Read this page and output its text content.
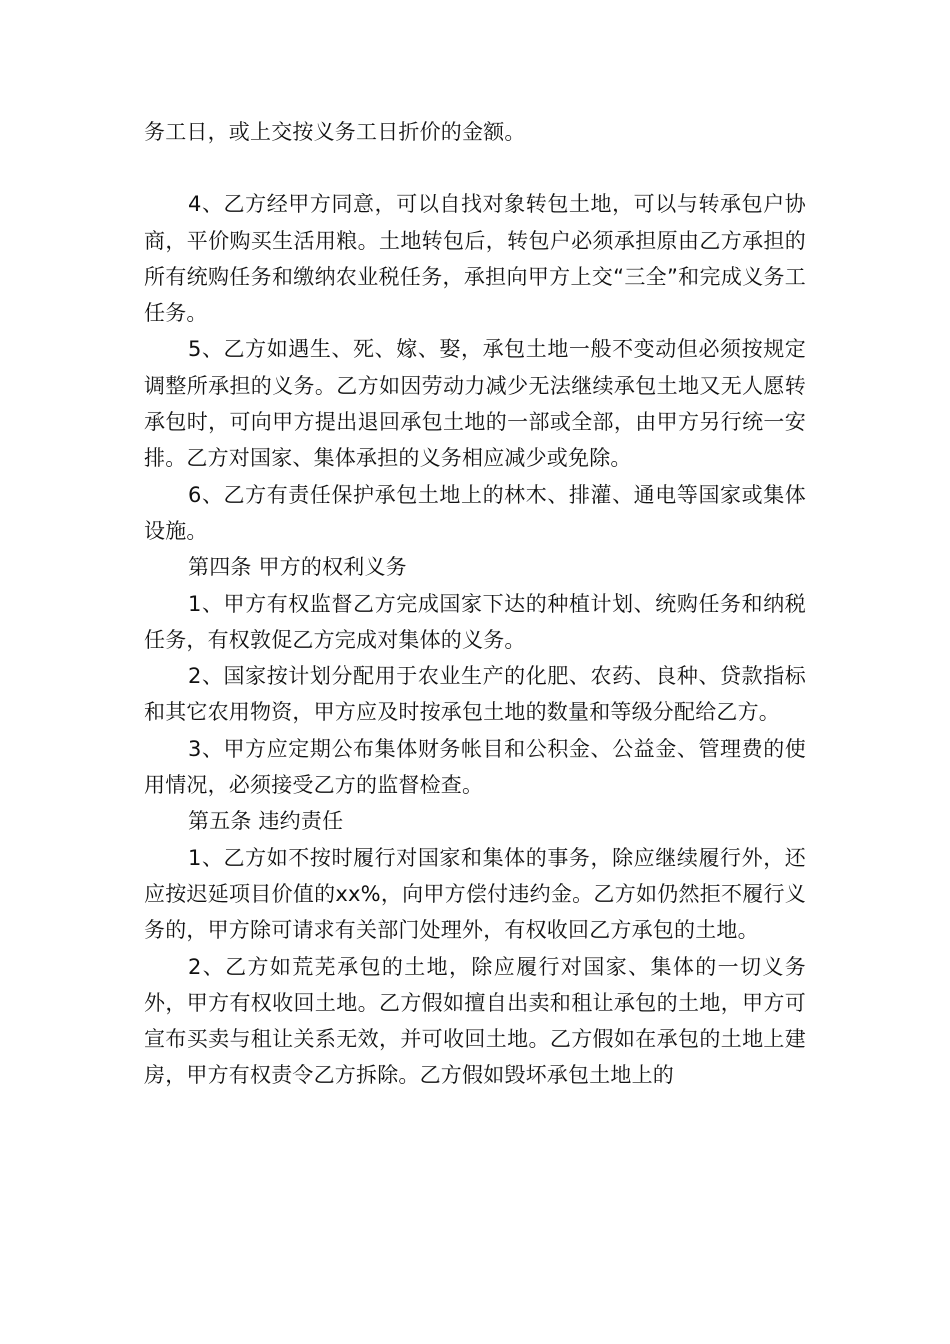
务工日，或上交按义务工日折价的金额。

4、乙方经甲方同意，可以自找对象转包土地，可以与转承包户协商，平价购买生活用粮。土地转包后，转包户必须承担原由乙方承担的所有统购任务和缴纳农业税任务，承担向甲方上交“三全”和完成义务工任务。

5、乙方如遇生、死、嫁、娶，承包土地一般不变动但必须按规定调整所承担的义务。乙方如因劳动力减少无法继续承包土地又无人愿转承包时，可向甲方提出退回承包土地的一部或全部，由甲方另行统一安排。乙方对国家、集体承担的义务相应减少或免除。

6、乙方有责任保护承包土地上的林木、排灌、通电等国家或集体设施。

第四条 甲方的权利义务

1、甲方有权监督乙方完成国家下达的种植计划、统购任务和纳税任务，有权敦促乙方完成对集体的义务。

2、国家按计划分配用于农业生产的化肥、农药、良种、贷款指标和其它农用物资，甲方应及时按承包土地的数量和等级分配给乙方。

3、甲方应定期公布集体财务帐目和公积金、公益金、管理费的使用情况，必须接受乙方的监督检查。

第五条 违约责任

1、乙方如不按时履行对国家和集体的事务，除应继续履行外，还应按迟延项目价值的xx%，向甲方偿付违约金。乙方如仍然拒不履行义务的，甲方除可请求有关部门处理外，有权收回乙方承包的土地。

2、乙方如荒芜承包的土地，除应履行对国家、集体的一切义务外，甲方有权收回土地。乙方假如擅自出卖和租让承包的土地，甲方可宣布买卖与租让关系无效，并可收回土地。乙方假如在承包的土地上建房，甲方有权责令乙方拆除。乙方假如毁坏承包土地上的
